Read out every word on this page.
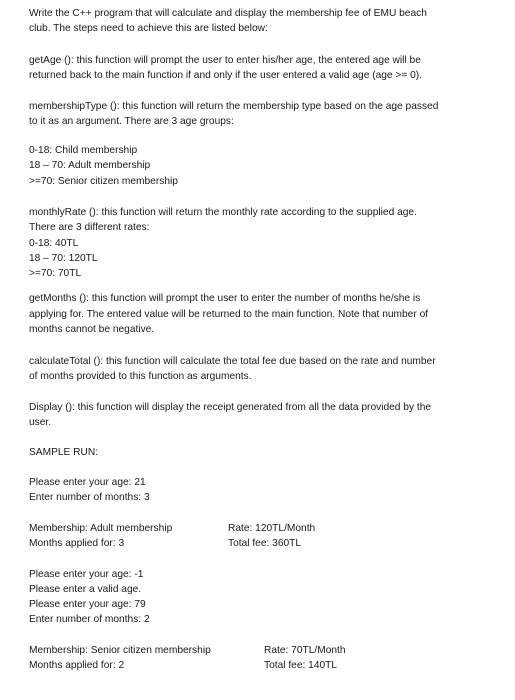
Write the C++ program that will calculate and display the membership fee of EMU beach
club. The steps need to achieve this are listed below:
getAge (): this function will prompt the user to enter his/her age, the entered age will be
returned back to the main function if and only if the user entered a valid age (age >= 0).
membershipType (): this function will return the membership type based on the age passed
to it as an argument. There are 3 age groups:
0-18: Child membership
18 – 70: Adult membership
>=70: Senior citizen membership
monthlyRate (): this function will return the monthly rate according to the supplied age.
There are 3 different rates:
0-18: 40TL
18 – 70: 120TL
>=70: 70TL
getMonths (): this function will prompt the user to enter the number of months he/she is
applying for. The entered value will be returned to the main function. Note that number of
months cannot be negative.
calculateTotal (): this function will calculate the total fee due based on the rate and number
of months provided to this function as arguments.
Display (): this function will display the receipt generated from all the data provided by the
user.
SAMPLE RUN:
Please enter your age: 21
Enter number of months: 3
Membership: Adult membership	Rate: 120TL/Month
Months applied for: 3	Total fee: 360TL
Please enter your age: -1
Please enter a valid age.
Please enter your age: 79
Enter number of months: 2
Membership: Senior citizen membership	Rate: 70TL/Month
Months applied for: 2	Total fee: 140TL
